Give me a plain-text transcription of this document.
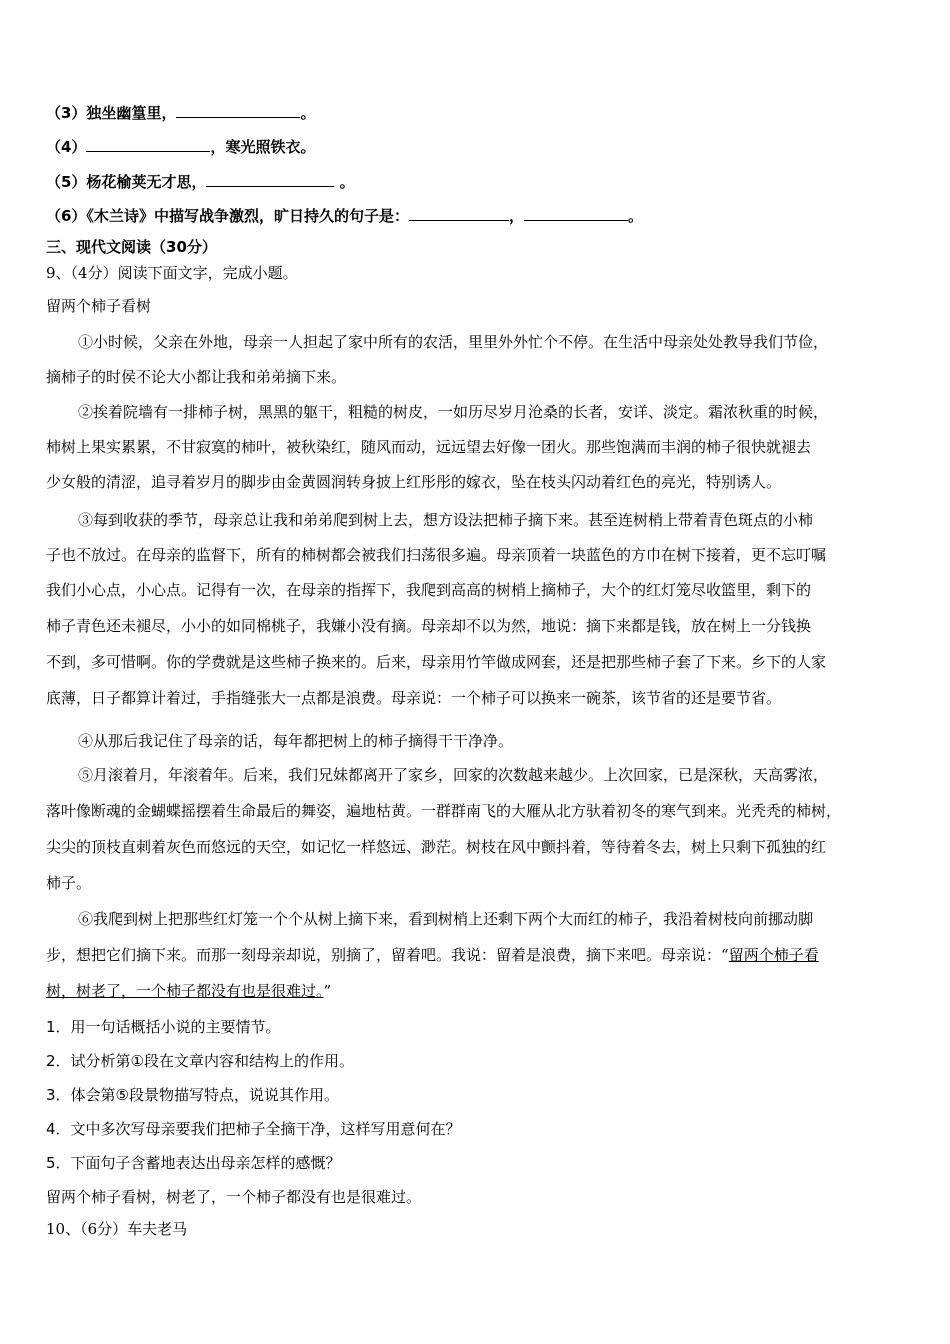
（3）独坐幽篁里，	。
（4）	，寒光照铁衣。
（5）杨花榆荚无才思，	。
（6）《木兰诗》中描写战争激烈，旷日持久的句子是：	，	。
三、现代文阅读（30分）
9、（4分）阅读下面文字，完成小题。
留两个柿子看树
①小时候，父亲在外地，母亲一人担起了家中所有的农活，里里外外忙个不停。在生活中母亲处处教导我们节俭，
摘柿子的时侯不论大小都让我和弟弟摘下来。
②挨着院墙有一排柿子树，黑黑的躯干，粗糙的树皮，一如历尽岁月沧桑的长者，安详、淡定。霜浓秋重的时候，
柿树上果实累累，不甘寂寞的柿叶，被秋染红，随风而动，远远望去好像一团火。那些饱满而丰润的柿子很快就褪去
少女般的清涩，追寻着岁月的脚步由金黄圆润转身披上红彤彤的嫁衣，坠在枝头闪动着红色的亮光，特别诱人。
③每到收获的季节，母亲总让我和弟弟爬到树上去，想方设法把柿子摘下来。甚至连树梢上带着青色斑点的小柿
子也不放过。在母亲的监督下，所有的柿树都会被我们扫荡很多遍。母亲顶着一块蓝色的方巾在树下接着，更不忘叮嘱
我们小心点，小心点。记得有一次，在母亲的指挥下，我爬到高高的树梢上摘柿子，大个的红灯笼尽收篮里，剩下的
柿子青色还未褪尽，小小的如同棉桃子，我嫌小没有摘。母亲却不以为然，地说：摘下来都是钱，放在树上一分钱换
不到，多可惜啊。你的学费就是这些柿子换来的。后来，母亲用竹竿做成网套，还是把那些柿子套了下来。乡下的人家
底薄，日子都算计着过，手指缝张大一点都是浪费。母亲说：一个柿子可以换来一碗茶，该节省的还是要节省。
④从那后我记住了母亲的话，每年都把树上的柿子摘得干干净净。
⑤月滚着月，年滚着年。后来，我们兄妹都离开了家乡，回家的次数越来越少。上次回家，已是深秋，天高雾浓，
落叶像断魂的金蝴蝶摇摆着生命最后的舞姿，遍地枯黄。一群群南飞的大雁从北方驮着初冬的寒气到来。光秃秃的柿树，
尖尖的顶枝直刺着灰色而悠远的天空，如记忆一样悠远、渺茫。树枝在风中颤抖着，等待着冬去，树上只剩下孤独的红
柿子。
⑥我爬到树上把那些红灯笼一个个从树上摘下来，看到树梢上还剩下两个大而红的柿子，我沿着树枝向前挪动脚
步，想把它们摘下来。而那一刻母亲却说，别摘了，留着吧。我说：留着是浪费，摘下来吧。母亲说：“留两个柿子看
树，树老了，一个柿子都没有也是很难过。”
1．用一句话概括小说的主要情节。
2．试分析第①段在文章内容和结构上的作用。
3．体会第⑤段景物描写特点，说说其作用。
4．文中多次写母亲要我们把柿子全摘干净，这样写用意何在？
5．下面句子含蓄地表达出母亲怎样的感慨？
留两个柿子看树，树老了，一个柿子都没有也是很难过。
10、（6分）车夫老马
